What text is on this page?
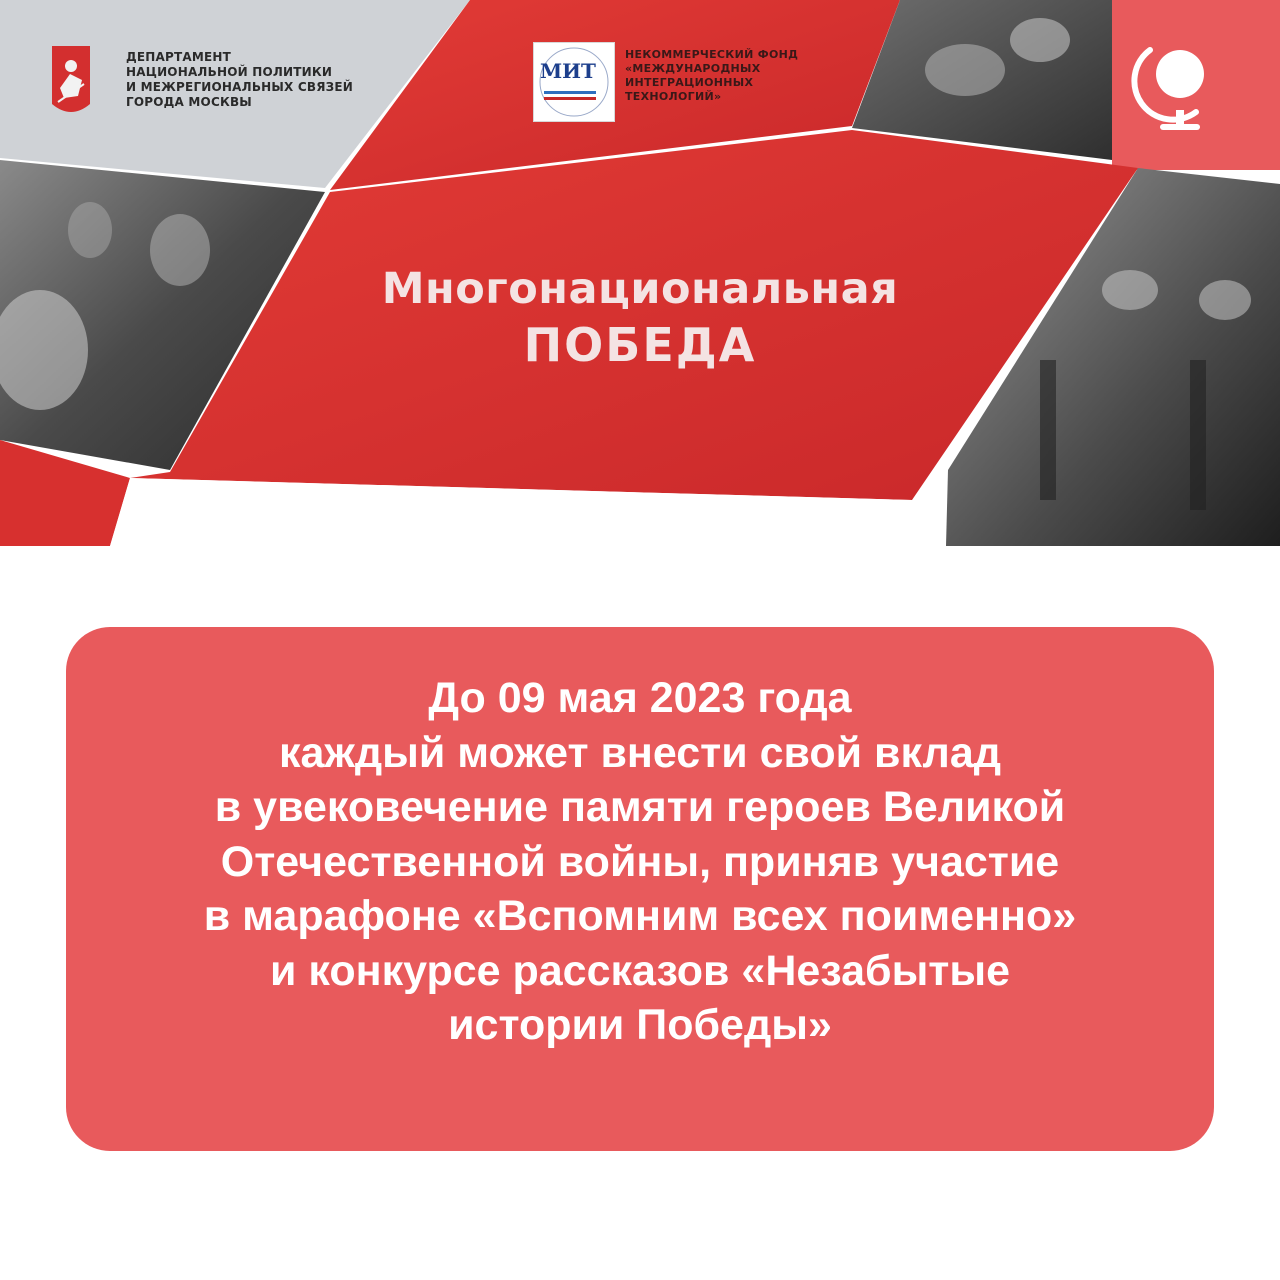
ДЕПАРТАМЕНТ
НАЦИОНАЛЬНОЙ ПОЛИТИКИ
И МЕЖРЕГИОНАЛЬНЫХ СВЯЗЕЙ
ГОРОДА МОСКВЫ
МИТ
НЕКОММЕРЧЕСКИЙ ФОНД
«МЕЖДУНАРОДНЫХ
ИНТЕГРАЦИОННЫХ
ТЕХНОЛОГИЙ»
Многонациональная
ПОБЕДА
До 09 мая 2023 года
каждый может внести свой вклад
в увековечение памяти героев Великой
Отечественной войны, приняв участие
в марафоне «Вспомним всех поименно»
и конкурсе рассказов «Незабытые
истории Победы»
